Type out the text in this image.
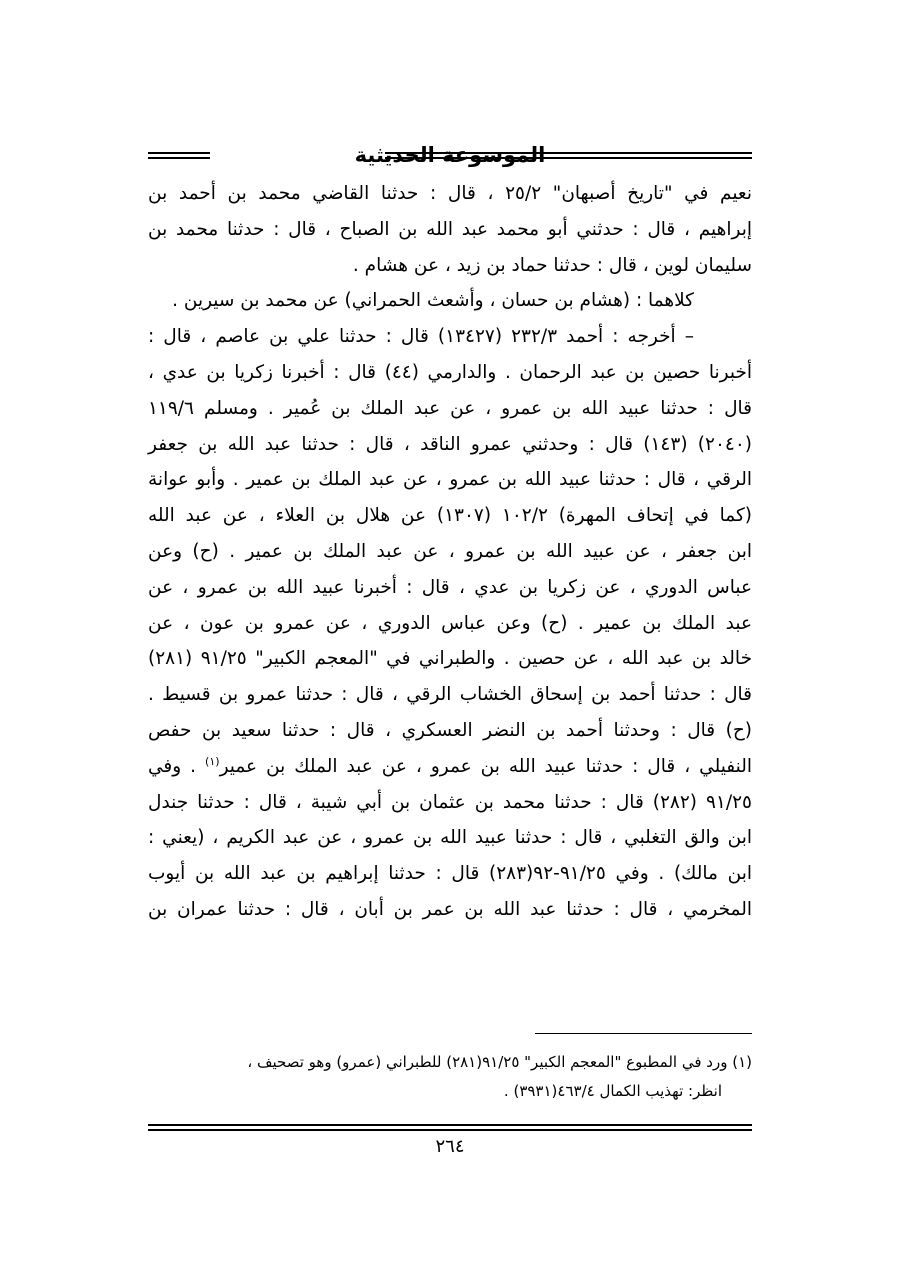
الموسوعة الحديثية
نعيم في "تاريخ أصبهان" ٢٥/٢ ، قال : حدثنا القاضي محمد بن أحمد بن
إبراهيم ، قال : حدثني أبو محمد عبد الله بن الصباح ، قال : حدثنا محمد بن
سليمان لوين ، قال : حدثنا حماد بن زيد ، عن هشام .
كلاهما : (هشام بن حسان ، وأشعث الحمراني) عن محمد بن سيرين .
– أخرجه : أحمد ٢٣٢/٣ (١٣٤٢٧) قال : حدثنا علي بن عاصم ، قال :
أخبرنا حصين بن عبد الرحمان . والدارمي (٤٤) قال : أخبرنا زكريا بن عدي ،
قال : حدثنا عبيد الله بن عمرو ، عن عبد الملك بن عُمير . ومسلم ١١٩/٦
(٢٠٤٠) (١٤٣) قال : وحدثني عمرو الناقد ، قال : حدثنا عبد الله بن جعفر
الرقي ، قال : حدثنا عبيد الله بن عمرو ، عن عبد الملك بن عمير . وأبو عوانة
(كما في إتحاف المهرة) ١٠٢/٢ (١٣٠٧) عن هلال بن العلاء ، عن عبد الله
ابن جعفر ، عن عبيد الله بن عمرو ، عن عبد الملك بن عمير . (ح) وعن
عباس الدوري ، عن زكريا بن عدي ، قال : أخبرنا عبيد الله بن عمرو ، عن
عبد الملك بن عمير . (ح) وعن عباس الدوري ، عن عمرو بن عون ، عن
خالد بن عبد الله ، عن حصين . والطبراني في "المعجم الكبير" ٩١/٢٥ (٢٨١)
قال : حدثنا أحمد بن إسحاق الخشاب الرقي ، قال : حدثنا عمرو بن قسيط .
(ح) قال : وحدثنا أحمد بن النضر العسكري ، قال : حدثنا سعيد بن حفص
النفيلي ، قال : حدثنا عبيد الله بن عمرو ، عن عبد الملك بن عمير$^{(١)}$ . وفي
٩١/٢٥ (٢٨٢) قال : حدثنا محمد بن عثمان بن أبي شيبة ، قال : حدثنا جندل
ابن والق التغلبي ، قال : حدثنا عبيد الله بن عمرو ، عن عبد الكريم ، (يعني :
ابن مالك) . وفي ٩١/٢٥-٩٢(٢٨٣) قال : حدثنا إبراهيم بن عبد الله بن أيوب
المخرمي ، قال : حدثنا عبد الله بن عمر بن أبان ، قال : حدثنا عمران بن
(١) ورد في المطبوع "المعجم الكبير" ٩١/٢٥(٢٨١) للطبراني (عمرو) وهو تصحيف ،
انظر: تهذيب الكمال ٤٦٣/٤(٣٩٣١) .
٢٦٤
